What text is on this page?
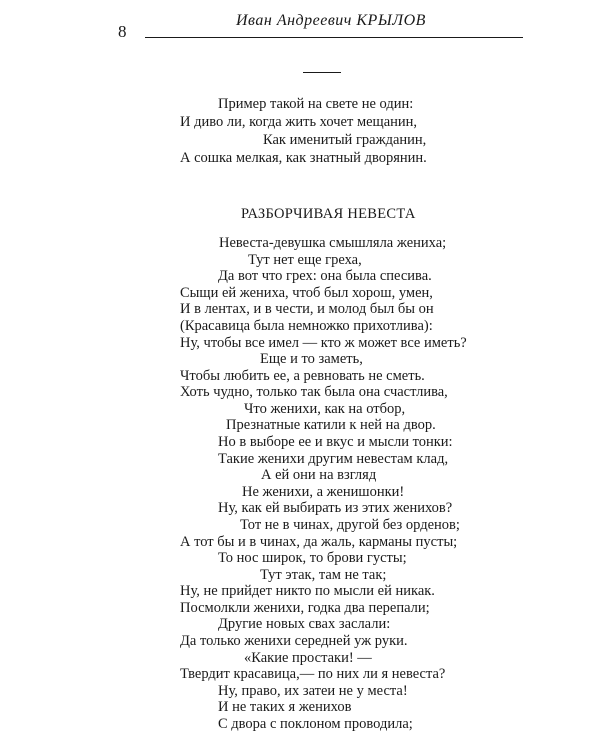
8
Иван Андреевич КРЫЛОВ
Пример такой на свете не один:
И диво ли, когда жить хочет мещанин,
Как именитый гражданин,
А сошка мелкая, как знатный дворянин.
РАЗБОРЧИВАЯ НЕВЕСТА
Невеста-девушка смышляла жениха;
Тут нет еще греха,
Да вот что грех: она была спесива.
Сыщи ей жениха, чтоб был хорош, умен,
И в лентах, и в чести, и молод был бы он
(Красавица была немножко прихотлива):
Ну, чтобы все имел — кто ж может все иметь?
Еще и то заметь,
Чтобы любить ее, а ревновать не сметь.
Хоть чудно, только так была она счастлива,
Что женихи, как на отбор,
Презнатные катили к ней на двор.
Но в выборе ее и вкус и мысли тонки:
Такие женихи другим невестам клад,
А ей они на взгляд
Не женихи, а женишонки!
Ну, как ей выбирать из этих женихов?
Тот не в чинах, другой без орденов;
А тот бы и в чинах, да жаль, карманы пусты;
То нос широк, то брови густы;
Тут этак, там не так;
Ну, не прийдет никто по мысли ей никак.
Посмолкли женихи, годка два перепали;
Другие новых свах заслали:
Да только женихи середней уж руки.
«Какие простаки! —
Твердит красавица,— по них ли я невеста?
Ну, право, их затеи не у места!
И не таких я женихов
С двора с поклоном проводила;
